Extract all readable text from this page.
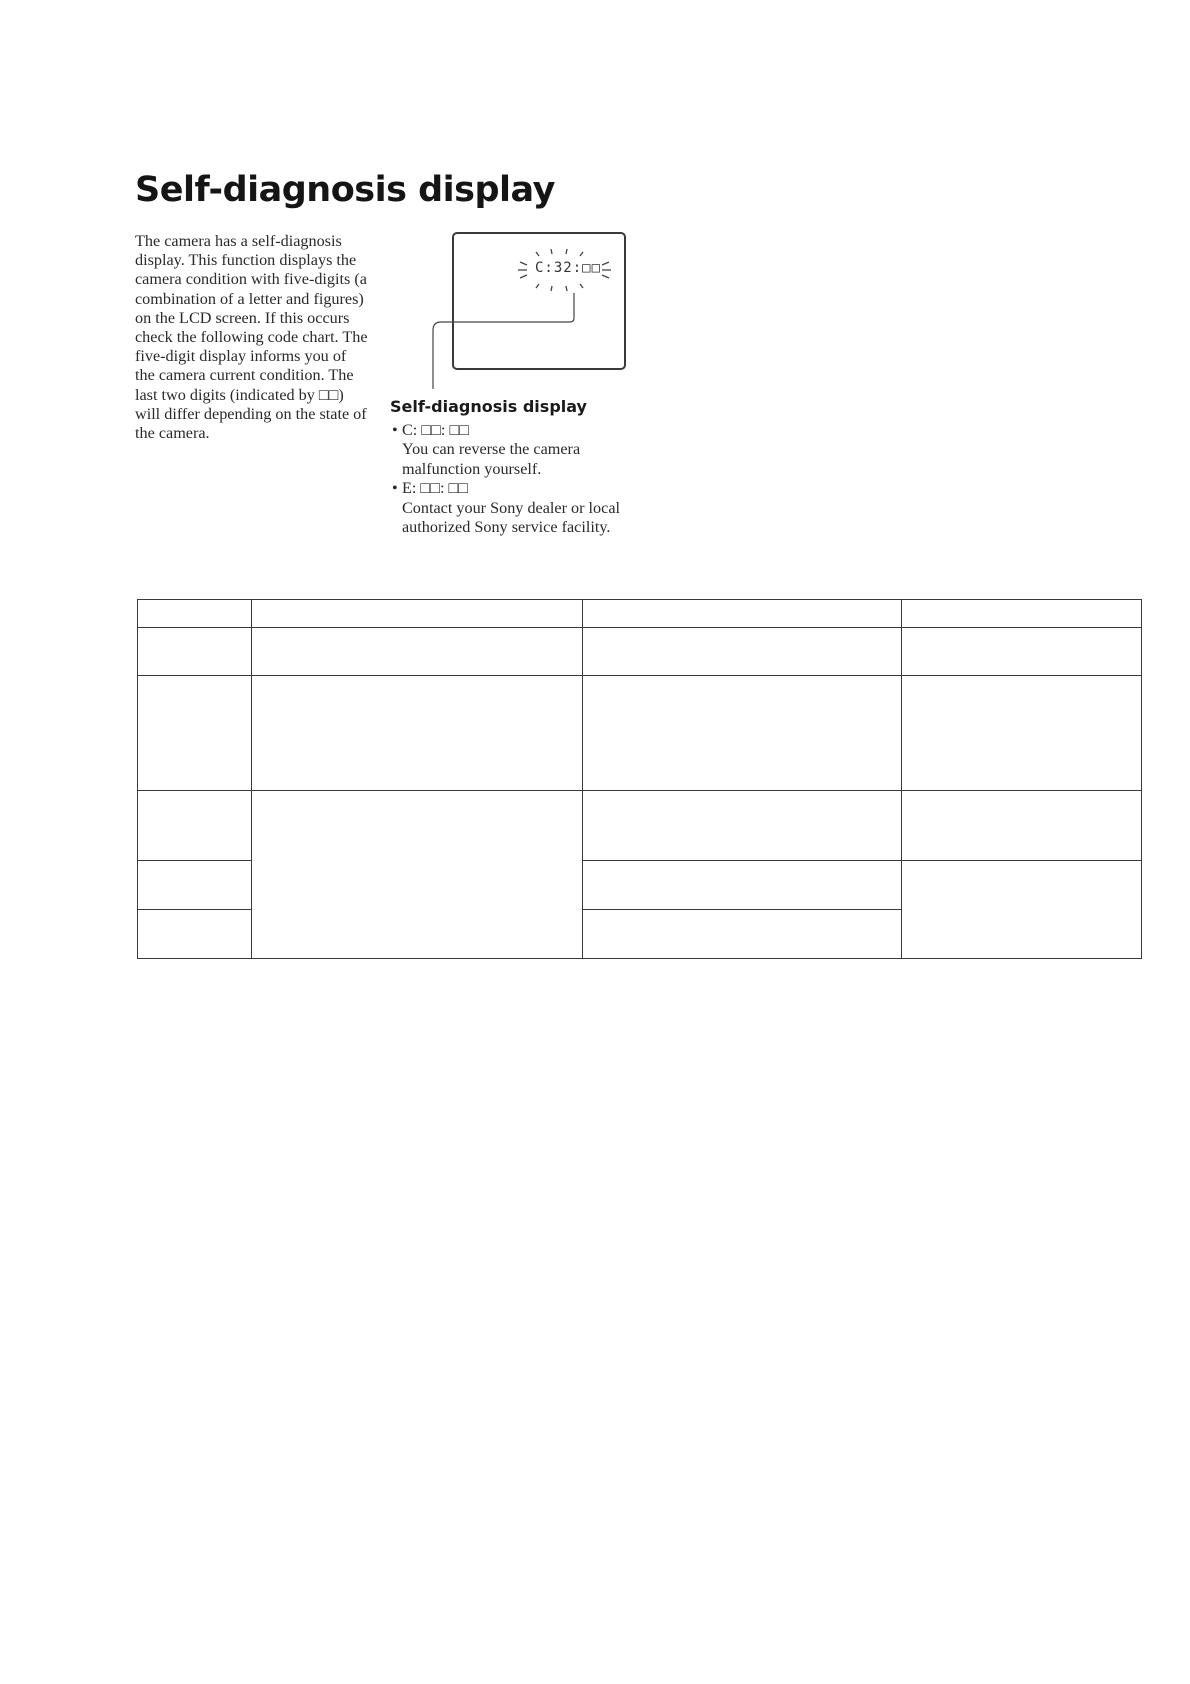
Self-diagnosis display

The camera has a self-diagnosis display. This function displays the camera condition with five-digits (a combination of a letter and figures) on the LCD screen. If this occurs check the following code chart. The five-digit display informs you of the camera current condition. The last two digits (indicated by □□) will differ depending on the state of the camera.

C:32:□□
Self-diagnosis display
• C: □□: □□
You can reverse the camera malfunction yourself.
• E: □□: □□
Contact your Sony dealer or local authorized Sony service facility.
